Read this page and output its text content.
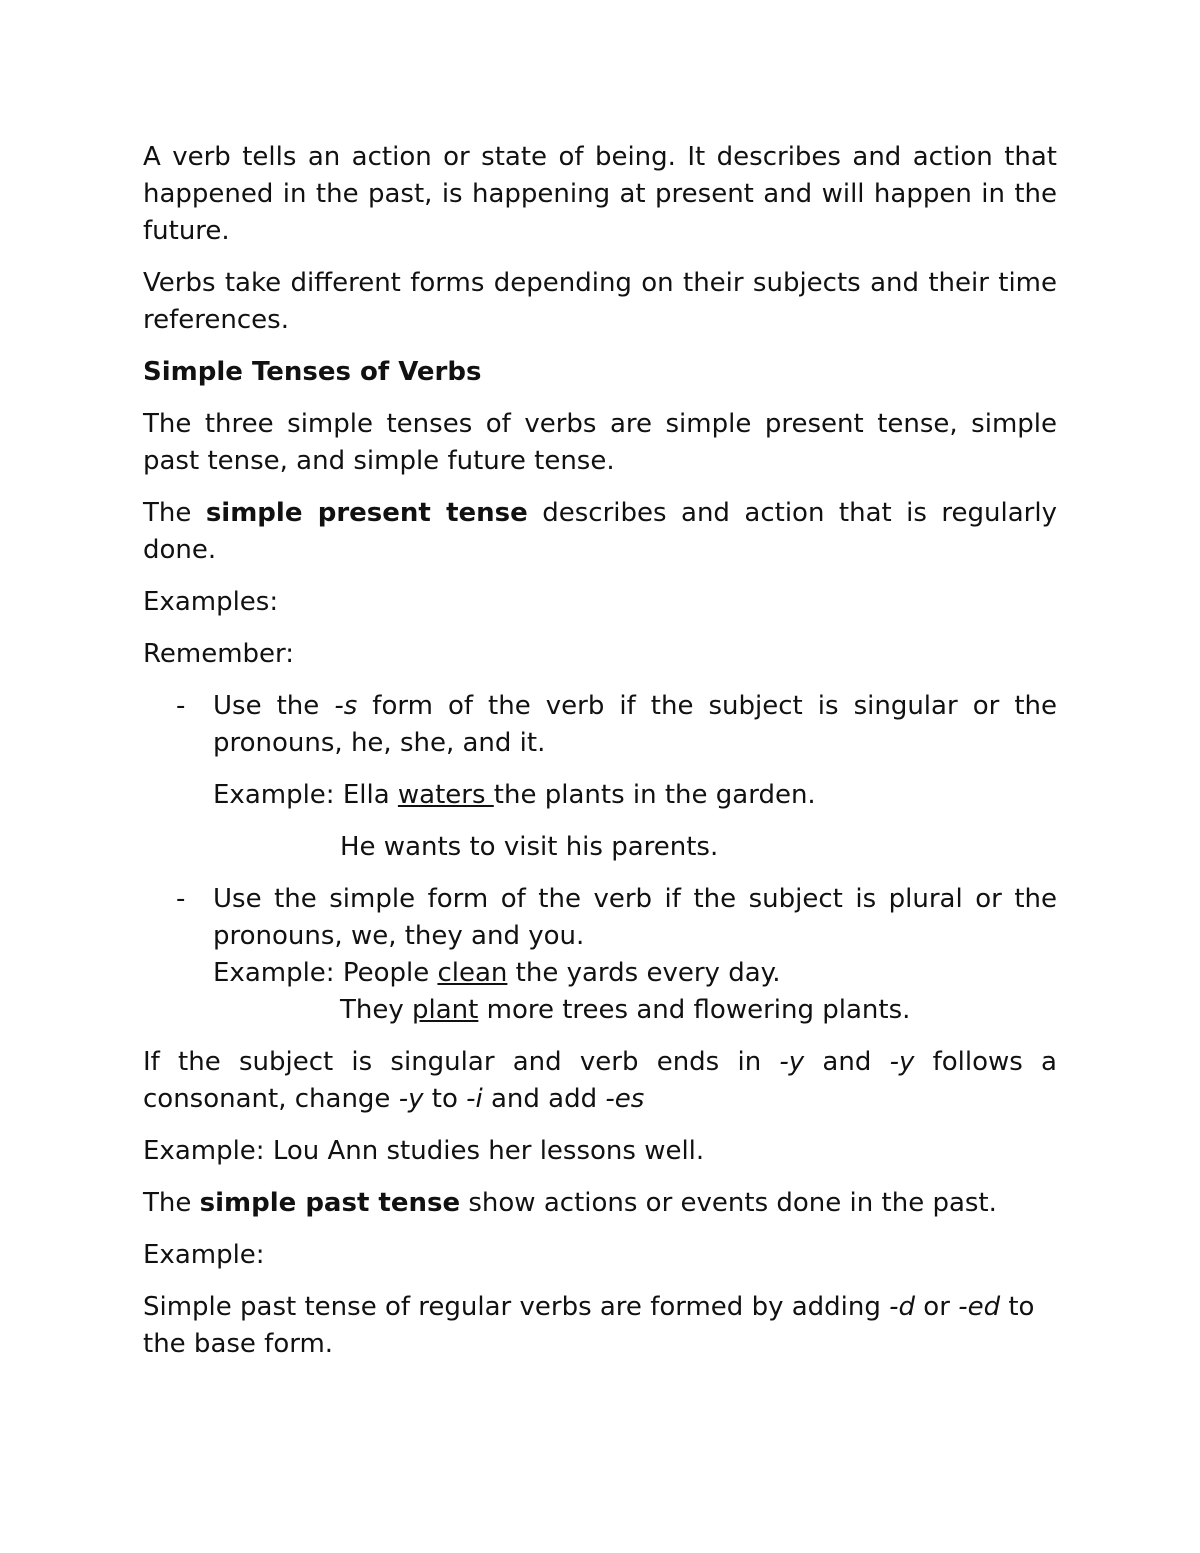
A verb tells an action or state of being. It describes and action that happened in the past, is happening at present and will happen in the future.

Verbs take different forms depending on their subjects and their time references.

Simple Tenses of Verbs

The three simple tenses of verbs are simple present tense, simple past tense, and simple future tense.

The simple present tense describes and action that is regularly done.

Examples:

Remember:

- Use the -s form of the verb if the subject is singular or the pronouns, he, she, and it.

Example: Ella waters the plants in the garden.

He wants to visit his parents.

- Use the simple form of the verb if the subject is plural or the pronouns, we, they and you.

Example: People clean the yards every day.

They plant more trees and flowering plants.

If the subject is singular and verb ends in -y and -y follows a consonant, change -y to -i and add -es

Example: Lou Ann studies her lessons well.

The simple past tense show actions or events done in the past.

Example:

Simple past tense of regular verbs are formed by adding -d or -ed to the base form.
